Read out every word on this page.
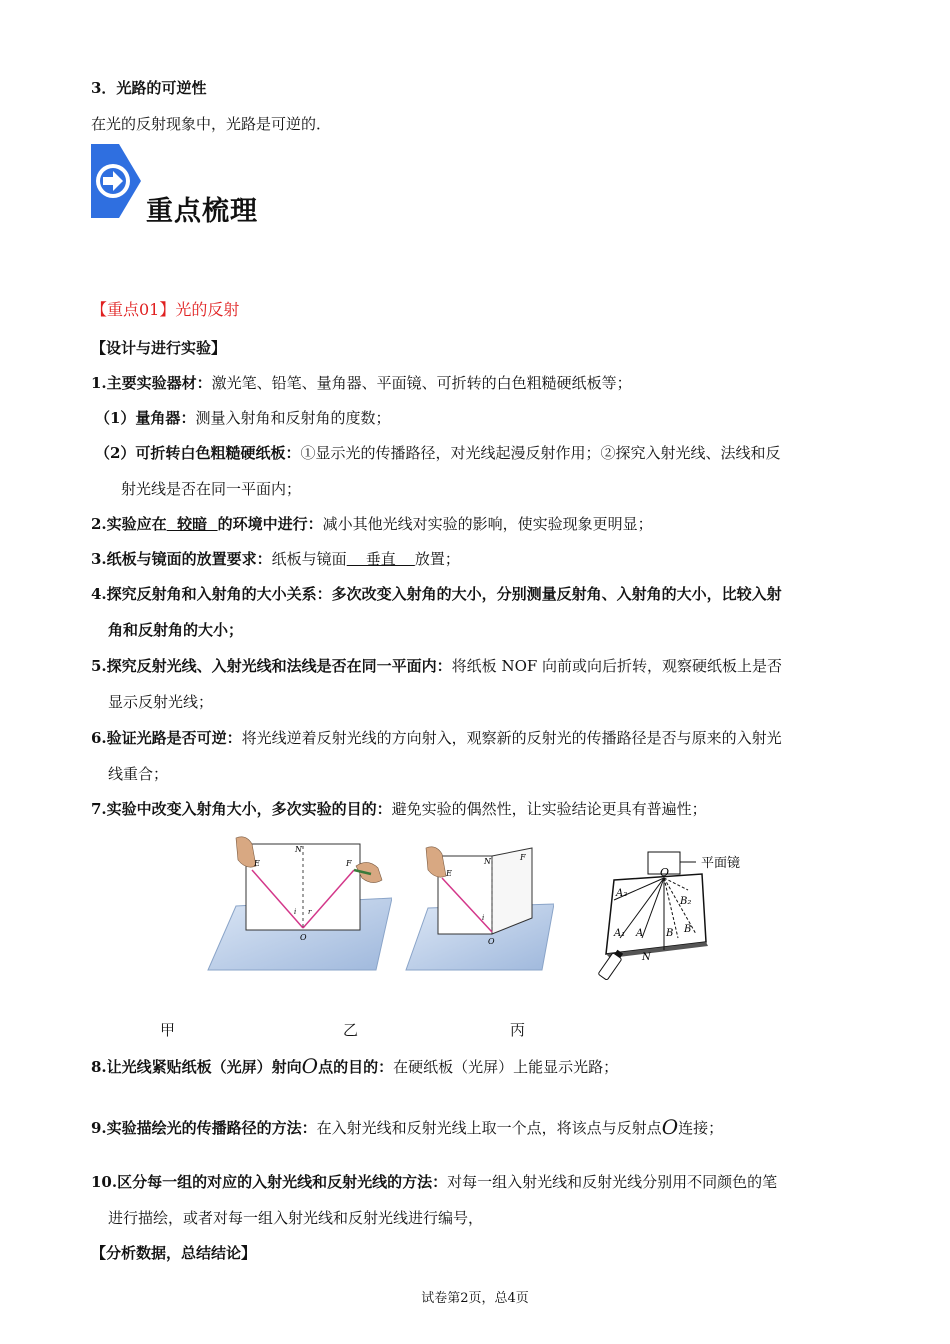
3．光路的可逆性
在光的反射现象中，光路是可逆的．
重点梳理
【重点01】光的反射
【设计与进行实验】
1.主要实验器材：激光笔、铅笔、量角器、平面镜、可折转的白色粗糙硬纸板等；
（1）量角器：测量入射角和反射角的度数；
（2）可折转白色粗糙硬纸板：①显示光的传播路径，对光线起漫反射作用；②探究入射光线、法线和反
射光线是否在同一平面内；
2.实验应在  较暗  的环境中进行：减小其他光线对实验的影响，使实验现象更明显；
3.纸板与镜面的放置要求：纸板与镜面    垂直    放置；
4.探究反射角和入射角的大小关系：多次改变入射角的大小，分别测量反射角、入射角的大小，比较入射
角和反射角的大小；
5.探究反射光线、入射光线和法线是否在同一平面内：将纸板 NOF 向前或向后折转，观察硬纸板上是否
显示反射光线；
6.验证光路是否可逆：将光线逆着反射光线的方向射入，观察新的反射光的传播路径是否与原来的入射光
线重合；
7.实验中改变入射角大小，多次实验的目的：避免实验的偶然性，让实验结论更具有普遍性；
E
N
F
O
i r
E
N	F
O
i
平面镜
O
A₂
A₁ A B B
B₂
N
甲	乙	丙
8.让光线紧贴纸板（光屏）射向O点的目的：在硬纸板（光屏）上能显示光路；
9.实验描绘光的传播路径的方法：在入射光线和反射光线上取一个点，将该点与反射点O连接；
10.区分每一组的对应的入射光线和反射光线的方法：对每一组入射光线和反射光线分别用不同颜色的笔
进行描绘，或者对每一组入射光线和反射光线进行编号，
【分析数据，总结结论】
试卷第2页，总4页
